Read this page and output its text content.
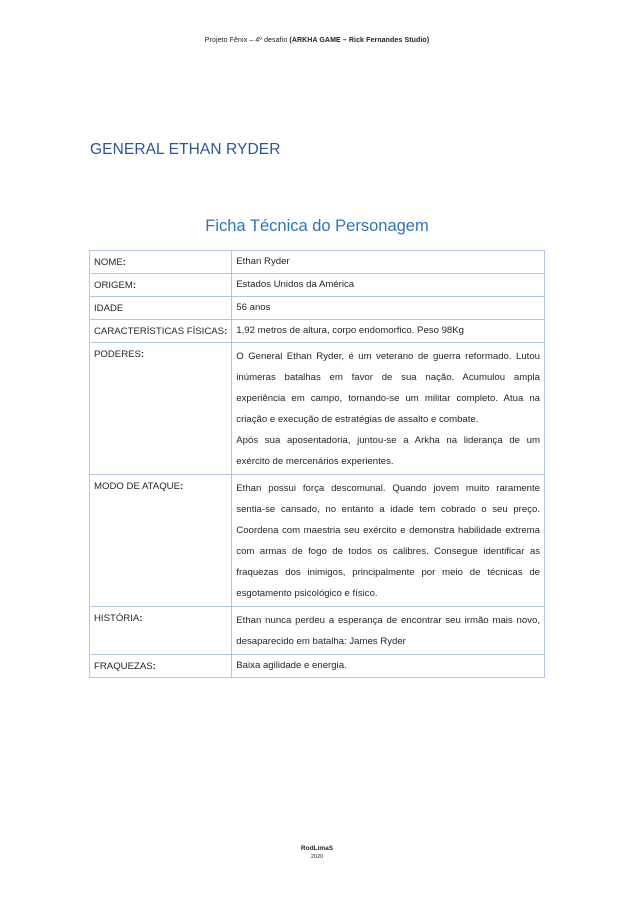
Projeto Fênix – 4º desafio (ARKHA GAME – Rick Fernandes Studio)
GENERAL ETHAN RYDER
Ficha Técnica do Personagem
NOME:	Ethan Ryder

ORIGEM:	Estados Unidos da América

IDADE	56 anos

CARACTERÍSTICAS FÍSICAS:	1,92 metros de altura, corpo endomorfico. Peso 98Kg

PODERES:	O General Ethan Ryder, é um veterano de guerra reformado. Lutou inúmeras batalhas em favor de sua nação. Acumulou ampla experiência em campo, tornando-se um militar completo. Atua na criação e execução de estratégias de assalto e combate.
Após sua aposentadoria, juntou-se a Arkha na liderança de um exército de mercenários experientes.

MODO DE ATAQUE:	Ethan possui força descomunal. Quando jovem muito raramente sentia-se cansado, no entanto a idade tem cobrado o seu preço. Coordena com maestria seu exército e demonstra habilidade extrema com armas de fogo de todos os calibres. Consegue identificar as fraquezas dos inimigos, principalmente por meio de técnicas de esgotamento psicológico e físico.

HISTÓRIA:	Ethan nunca perdeu a esperança de encontrar seu irmão mais novo, desaparecido em batalha: James Ryder

FRAQUEZAS:	Baixa agilidade e energia.
RodLimaS
2020
